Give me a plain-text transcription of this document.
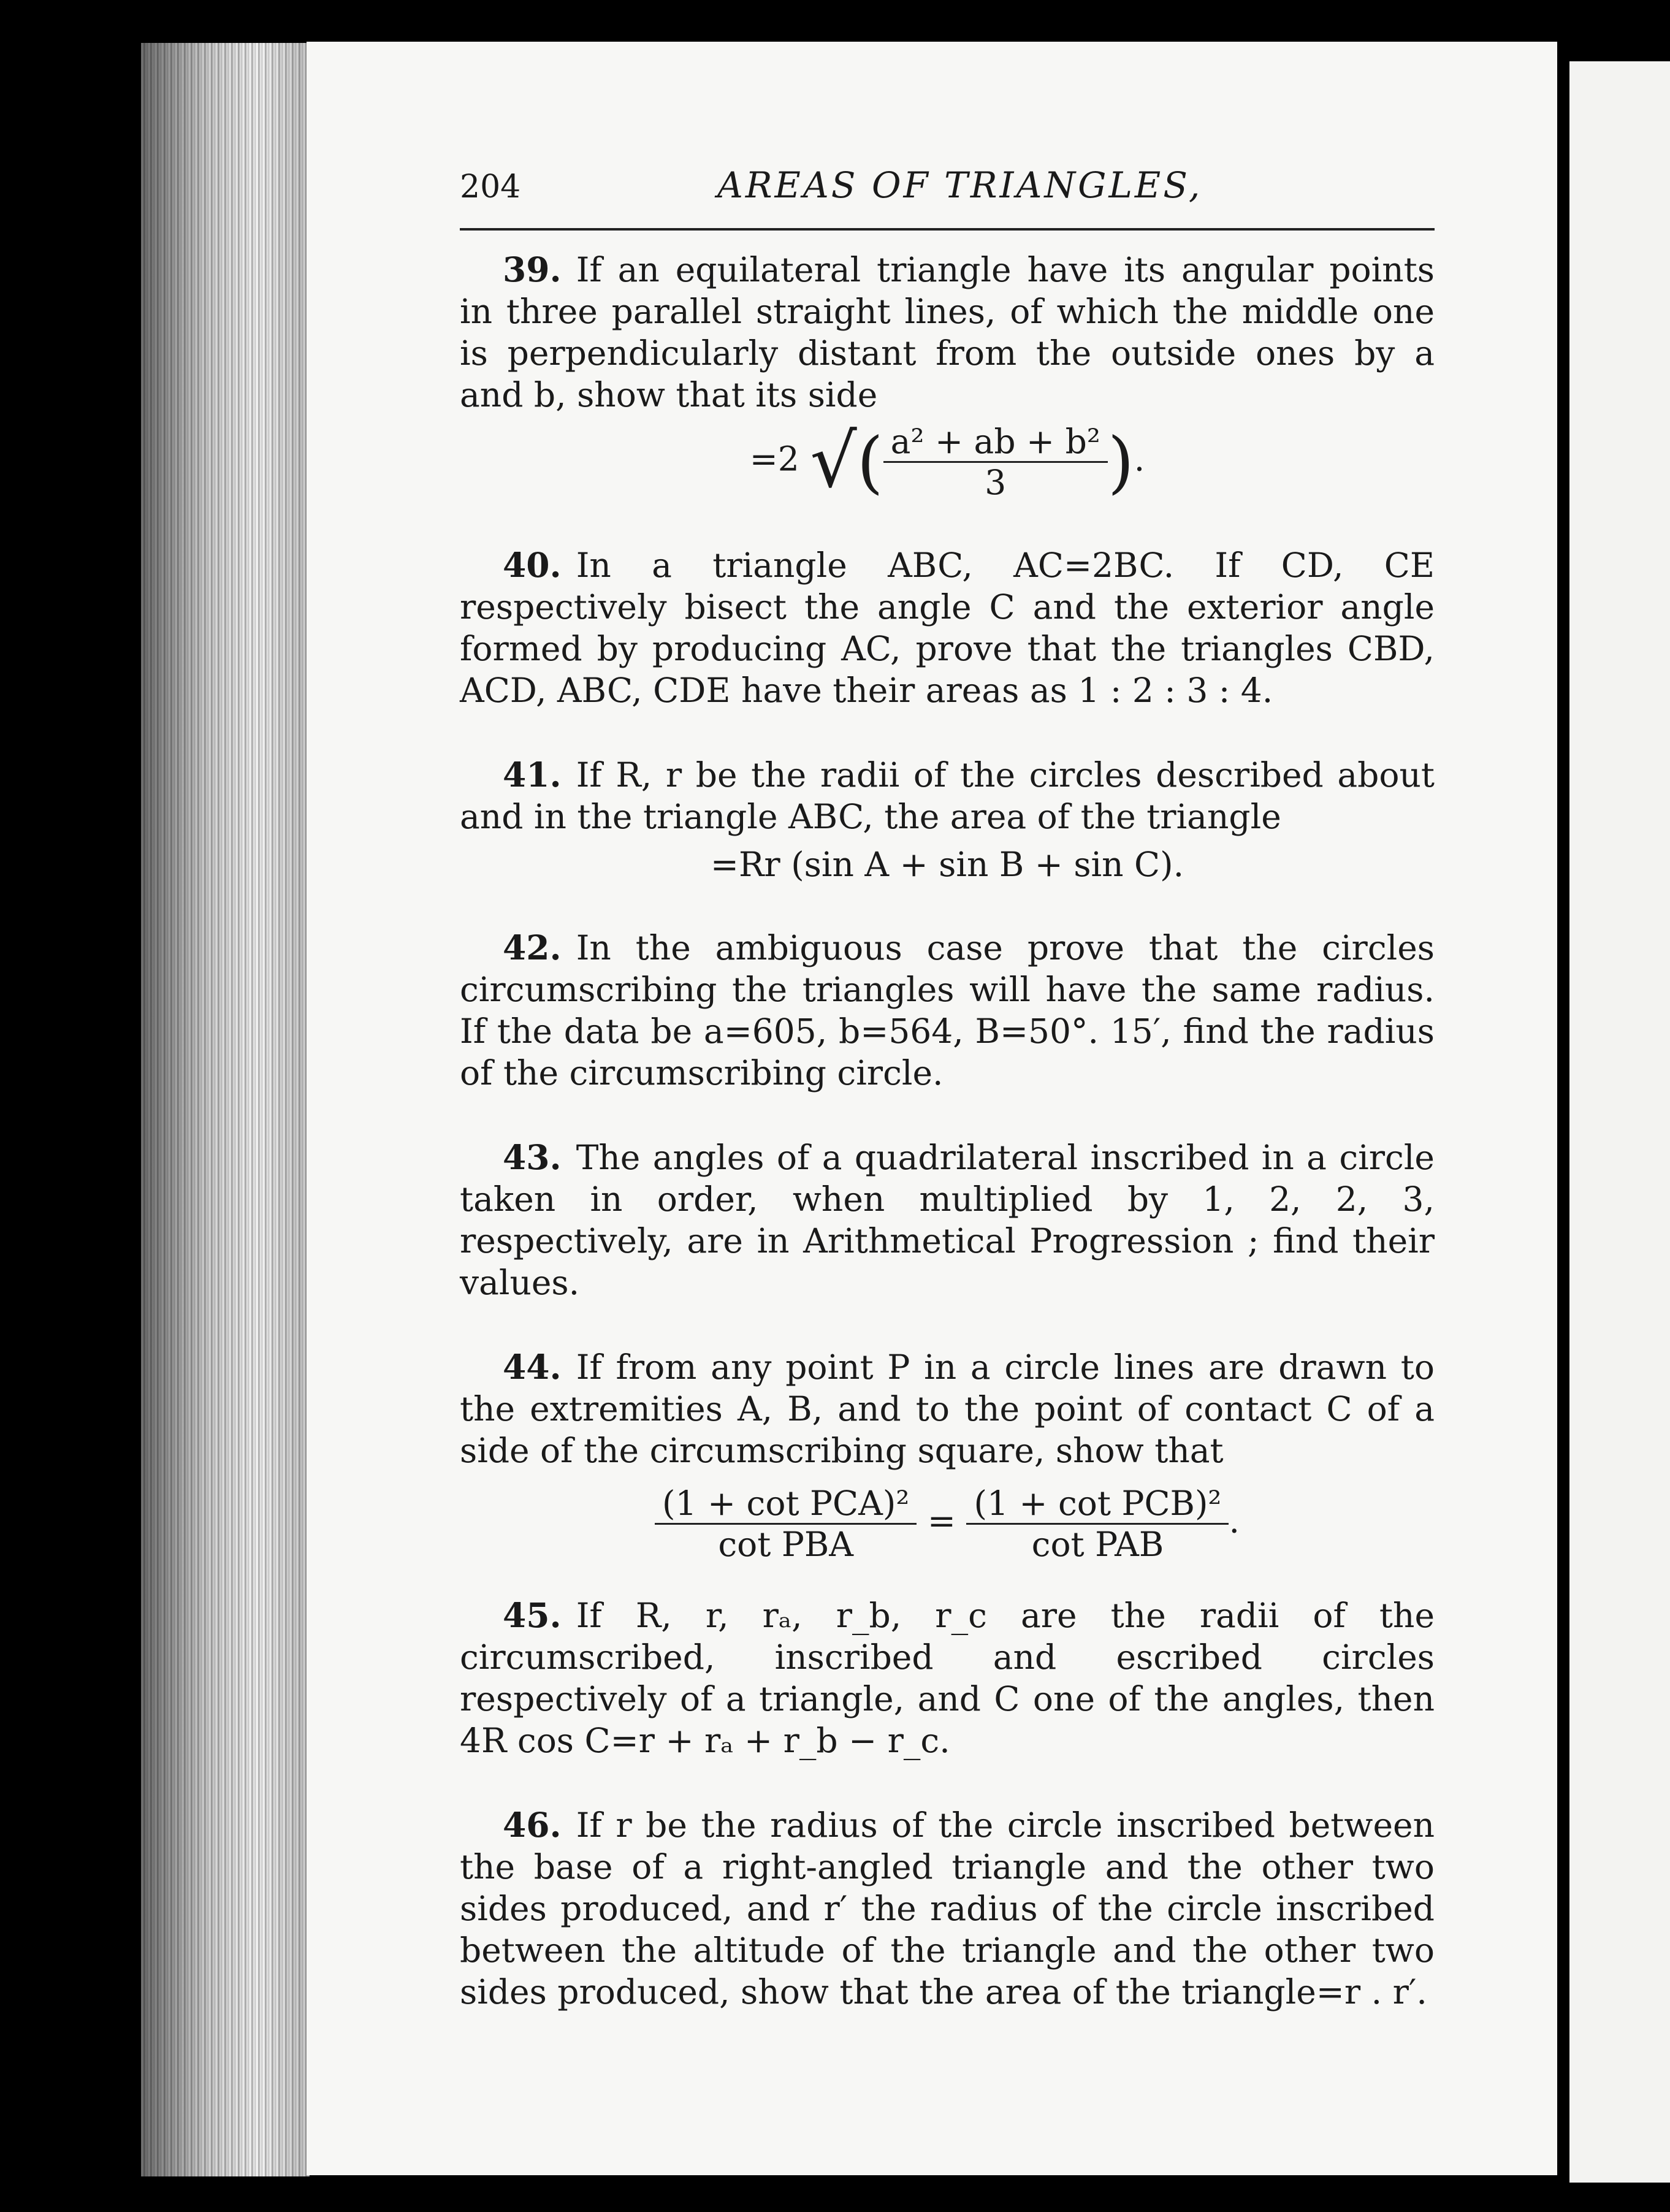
204	AREAS OF TRIANGLES,
39. If an equilateral triangle have its angular points in three parallel straight lines, of which the middle one is perpendicularly distant from the outside ones by a and b, show that its side
=2 √( $\frac{\text{a² + ab + b²}}{3}$ ).
40. In a triangle ABC, AC=2BC. If CD, CE respectively bisect the angle C and the exterior angle formed by producing AC, prove that the triangles CBD, ACD, ABC, CDE have their areas as 1 : 2 : 3 : 4.
41. If R, r be the radii of the circles described about and in the triangle ABC, the area of the triangle
=Rr (sin A + sin B + sin C).
42. In the ambiguous case prove that the circles circumscribing the triangles will have the same radius. If the data be a=605, b=564, B=50°. 15′, find the radius of the circumscribing circle.
43. The angles of a quadrilateral inscribed in a circle taken in order, when multiplied by 1, 2, 2, 3, respectively, are in Arithmetical Progression ; find their values.
44. If from any point P in a circle lines are drawn to the extremities A, B, and to the point of contact C of a side of the circumscribing square, show that
$\frac{\text{(1 + cot PCA)²}}{\text{cot PBA}} = \frac{\text{(1 + cot PCB)²}}{\text{cot PAB}}$ .
45. If R, r, rₐ, r_b, r_c are the radii of the circumscribed, inscribed and escribed circles respectively of a triangle, and C one of the angles, then 4R cos C=r + rₐ + r_b − r_c.
46. If r be the radius of the circle inscribed between the base of a right-angled triangle and the other two sides produced, and r′ the radius of the circle inscribed between the altitude of the triangle and the other two sides produced, show that the area of the triangle=r . r′.
